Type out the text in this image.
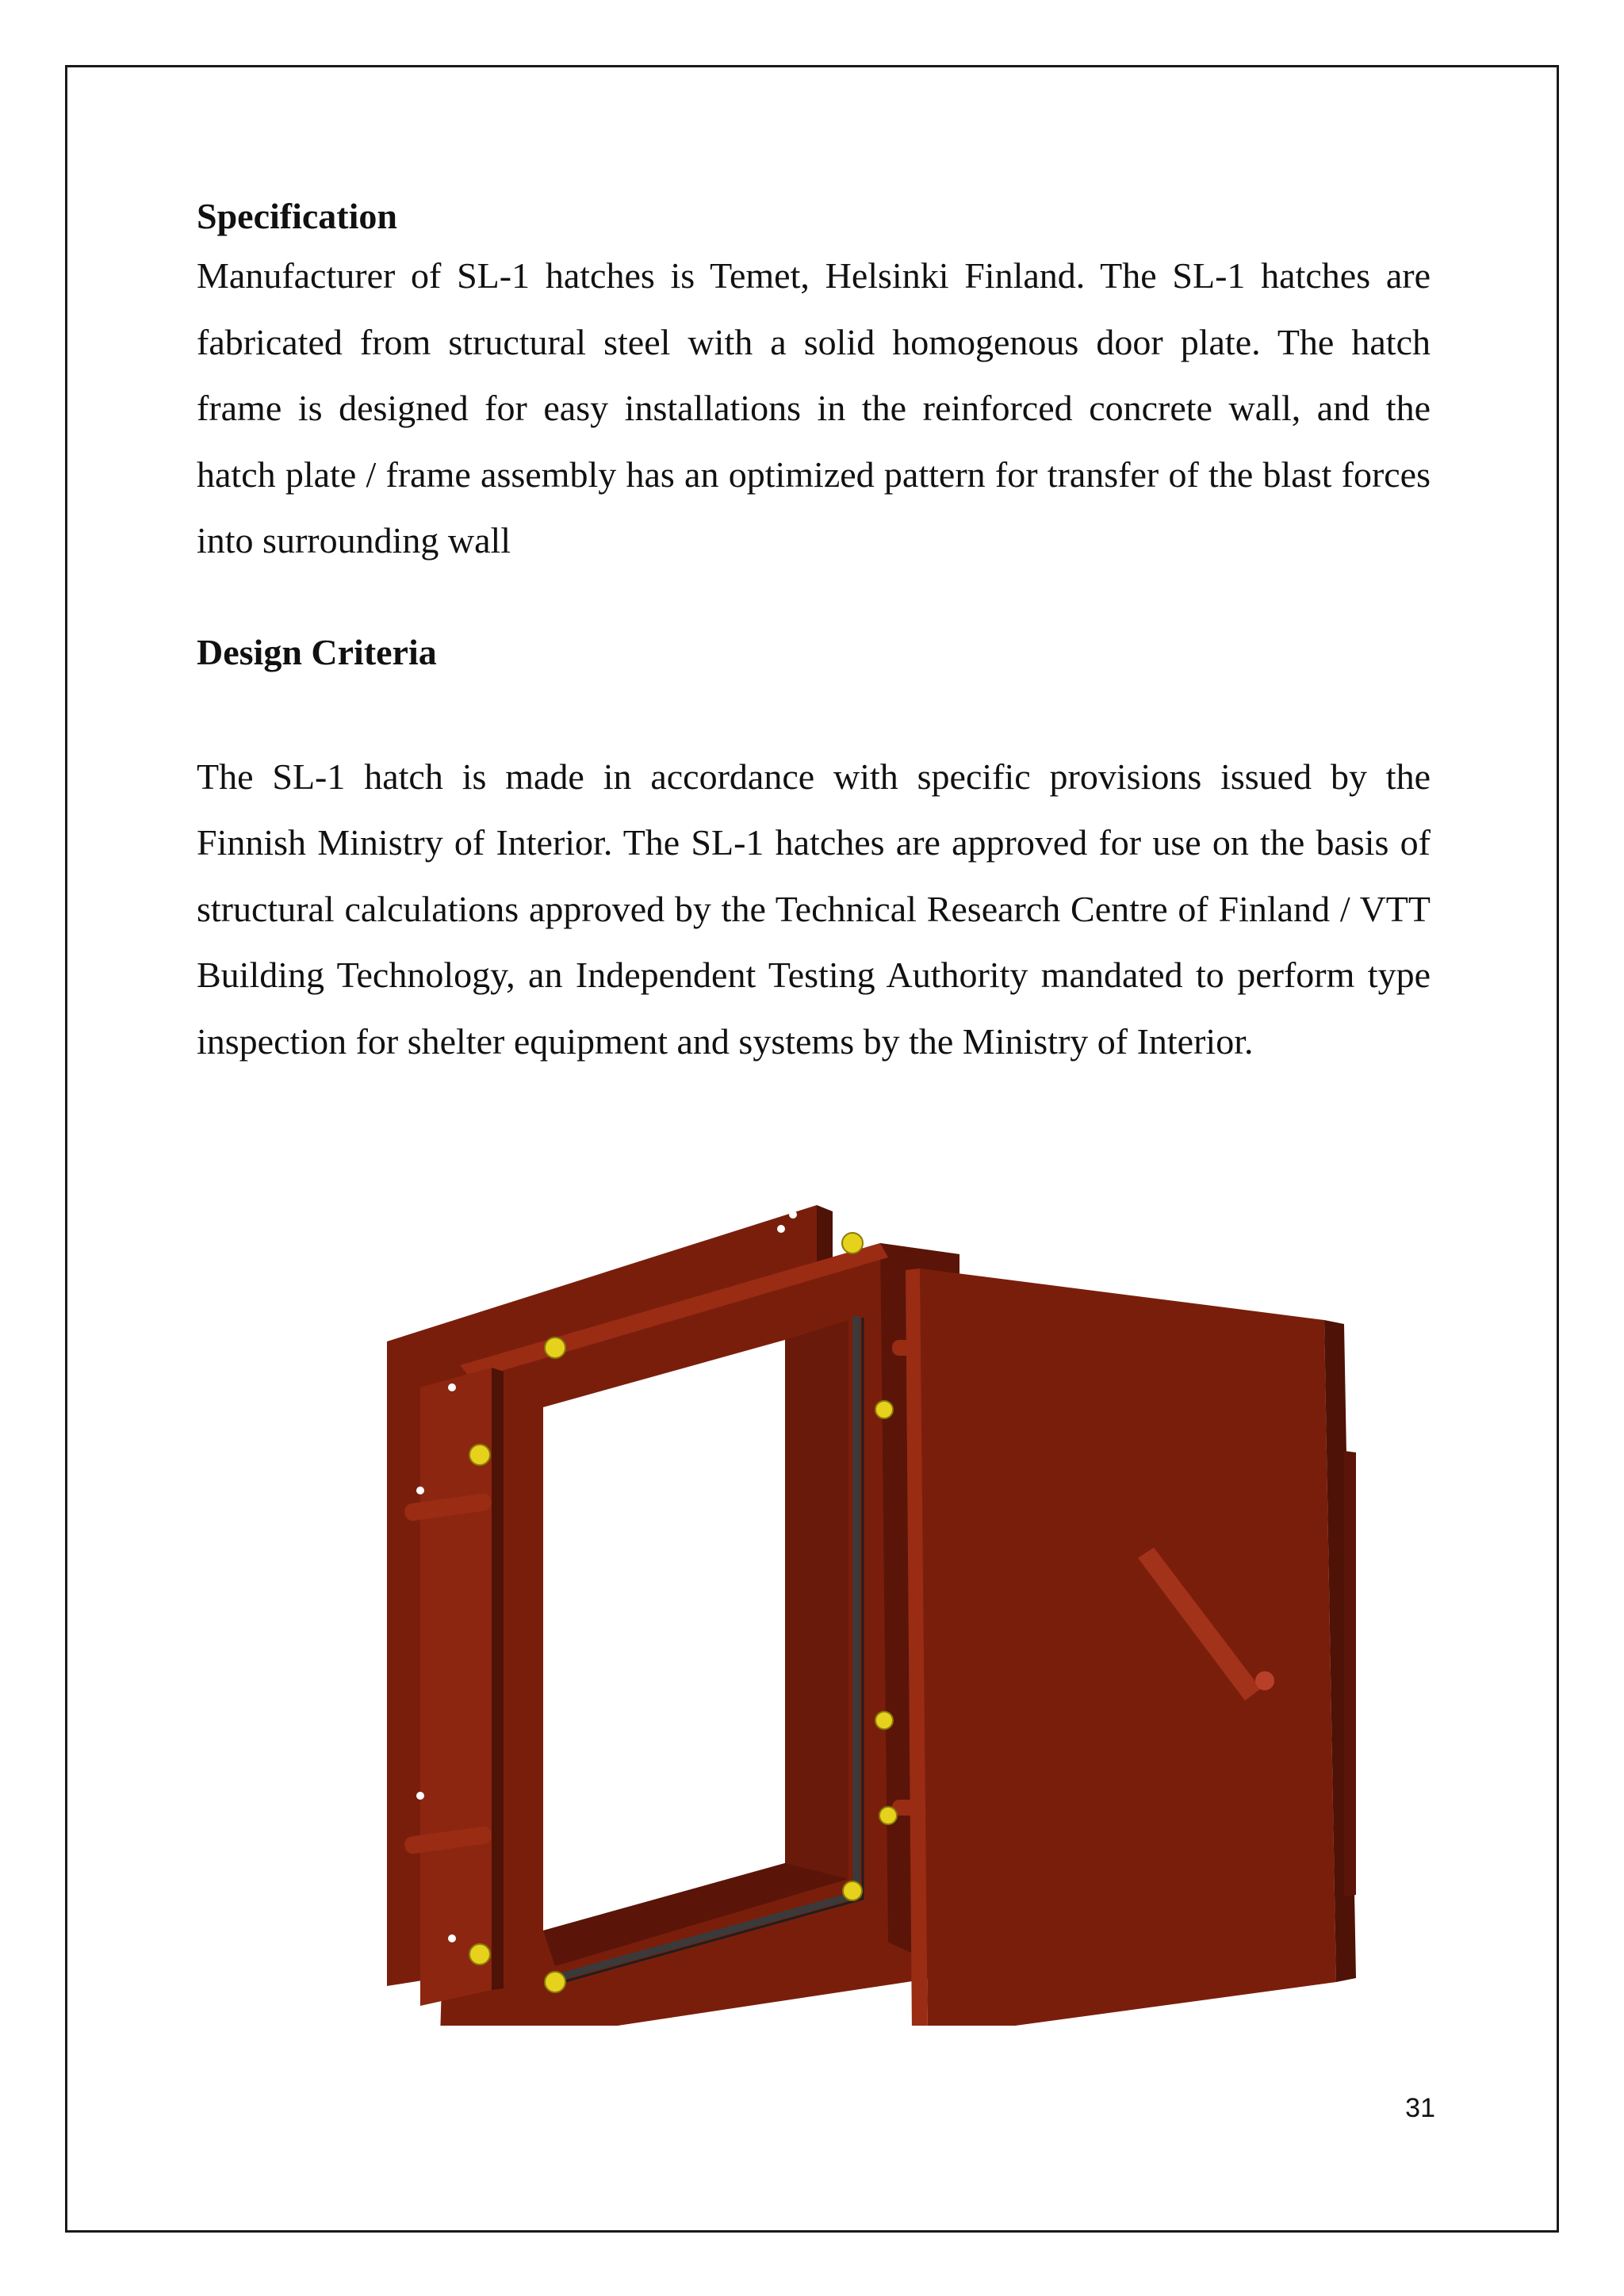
Specification

Manufacturer of SL-1 hatches is Temet, Helsinki Finland. The SL-1 hatches are fabricated from structural steel with a solid homogenous door plate. The hatch frame is designed for easy installations in the reinforced concrete wall, and the hatch plate / frame assembly has an optimized pattern for transfer of the blast forces into surrounding wall

Design Criteria

The SL-1 hatch is made in accordance with specific provisions issued by the Finnish Ministry of Interior. The SL-1 hatches are approved for use on the basis of structural calculations approved by the Technical Research Centre of Finland / VTT Building Technology, an Independent Testing Authority mandated to perform type inspection for shelter equipment and systems by the Ministry of Interior.

31
